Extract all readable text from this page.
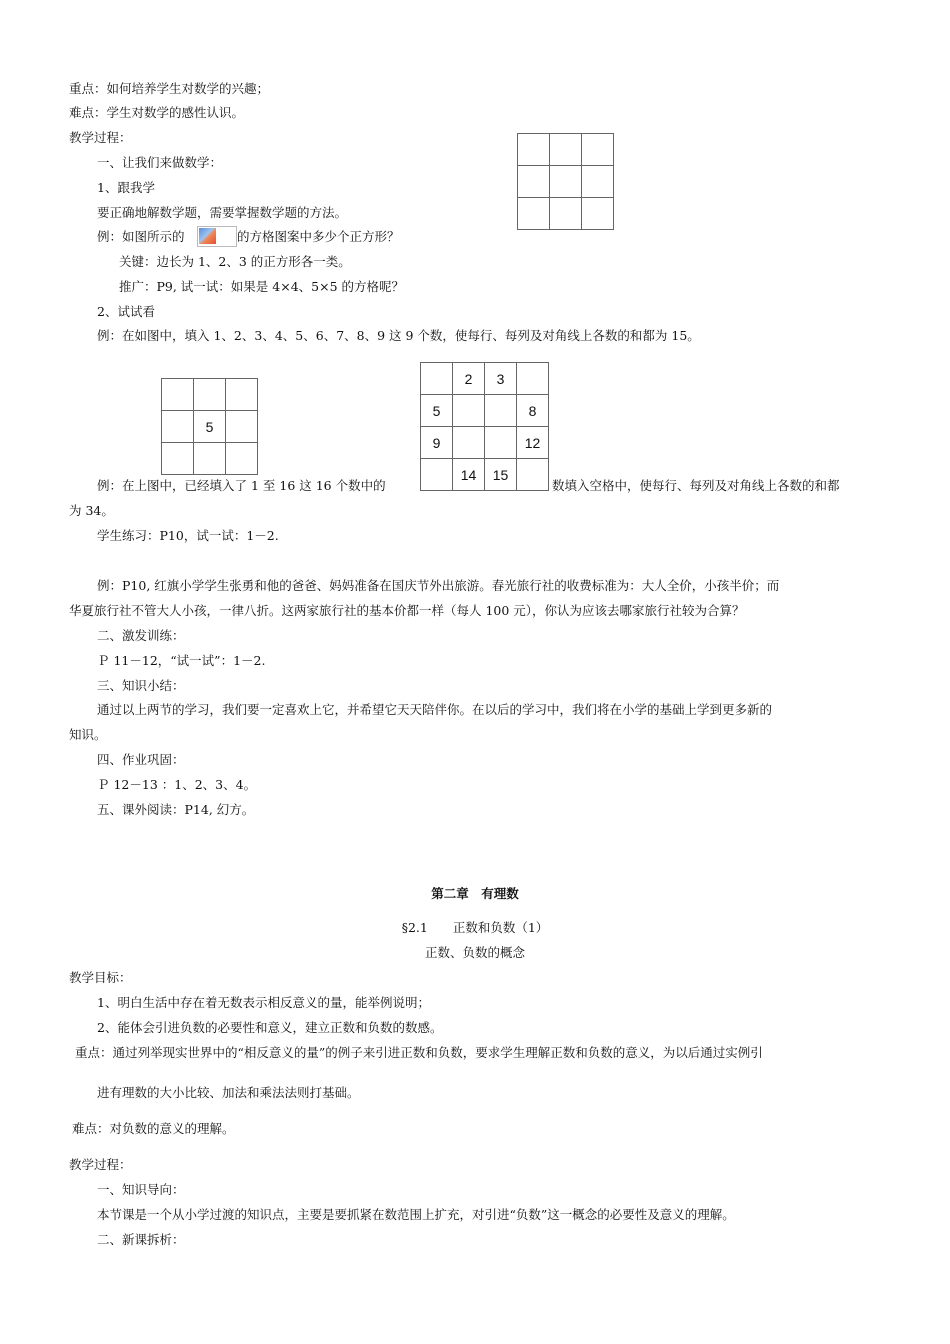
重点：如何培养学生对数学的兴趣；
难点：学生对数学的感性认识。
教学过程：
一、让我们来做数学：
1、跟我学
要正确地解数学题，需要掌握数学题的方法。
例：如图所示的	的方格图案中多少个正方形？
关键：边长为 1、2、3 的正方形各一类。
推广：P9, 试一试：如果是 4×4、5×5 的方格呢？
2、试试看
例：在如图中，填入 1、2、3、4、5、6、7、8、9 这 9 个数，使每行、每列及对角线上各数的和都为 15。

	5	

	2	3	
5			8
9			12
	14	15	
例：在上图中，已经填入了 1 至 16 这 16 个数中的	数填入空格中，使每行、每列及对角线上各数的和都
为 34。
学生练习：P10，试一试：1－2.
例：P10, 红旗小学学生张勇和他的爸爸、妈妈准备在国庆节外出旅游。春光旅行社的收费标准为：大人全价，小孩半价；而
华夏旅行社不管大人小孩，一律八折。这两家旅行社的基本价都一样（每人 100 元），你认为应该去哪家旅行社较为合算？
二、激发训练：
Ｐ 11－12，“试一试”：1－2.
三、知识小结：
通过以上两节的学习，我们要一定喜欢上它，并希望它天天陪伴你。在以后的学习中，我们将在小学的基础上学到更多新的
知识。
四、作业巩固：
Ｐ 12－13 ：1、2、3、4。
五、课外阅读：P14, 幻方。
第二章　有理数
§2.1　　正数和负数（1）
正数、负数的概念
教学目标：
1、明白生活中存在着无数表示相反意义的量，能举例说明；
2、能体会引进负数的必要性和意义，建立正数和负数的数感。
重点：通过列举现实世界中的“相反意义的量”的例子来引进正数和负数，要求学生理解正数和负数的意义，为以后通过实例引
进有理数的大小比较、加法和乘法法则打基础。
难点：对负数的意义的理解。
教学过程：
一、知识导向：
本节课是一个从小学过渡的知识点，主要是要抓紧在数范围上扩充，对引进“负数”这一概念的必要性及意义的理解。
二、新课拆析：
